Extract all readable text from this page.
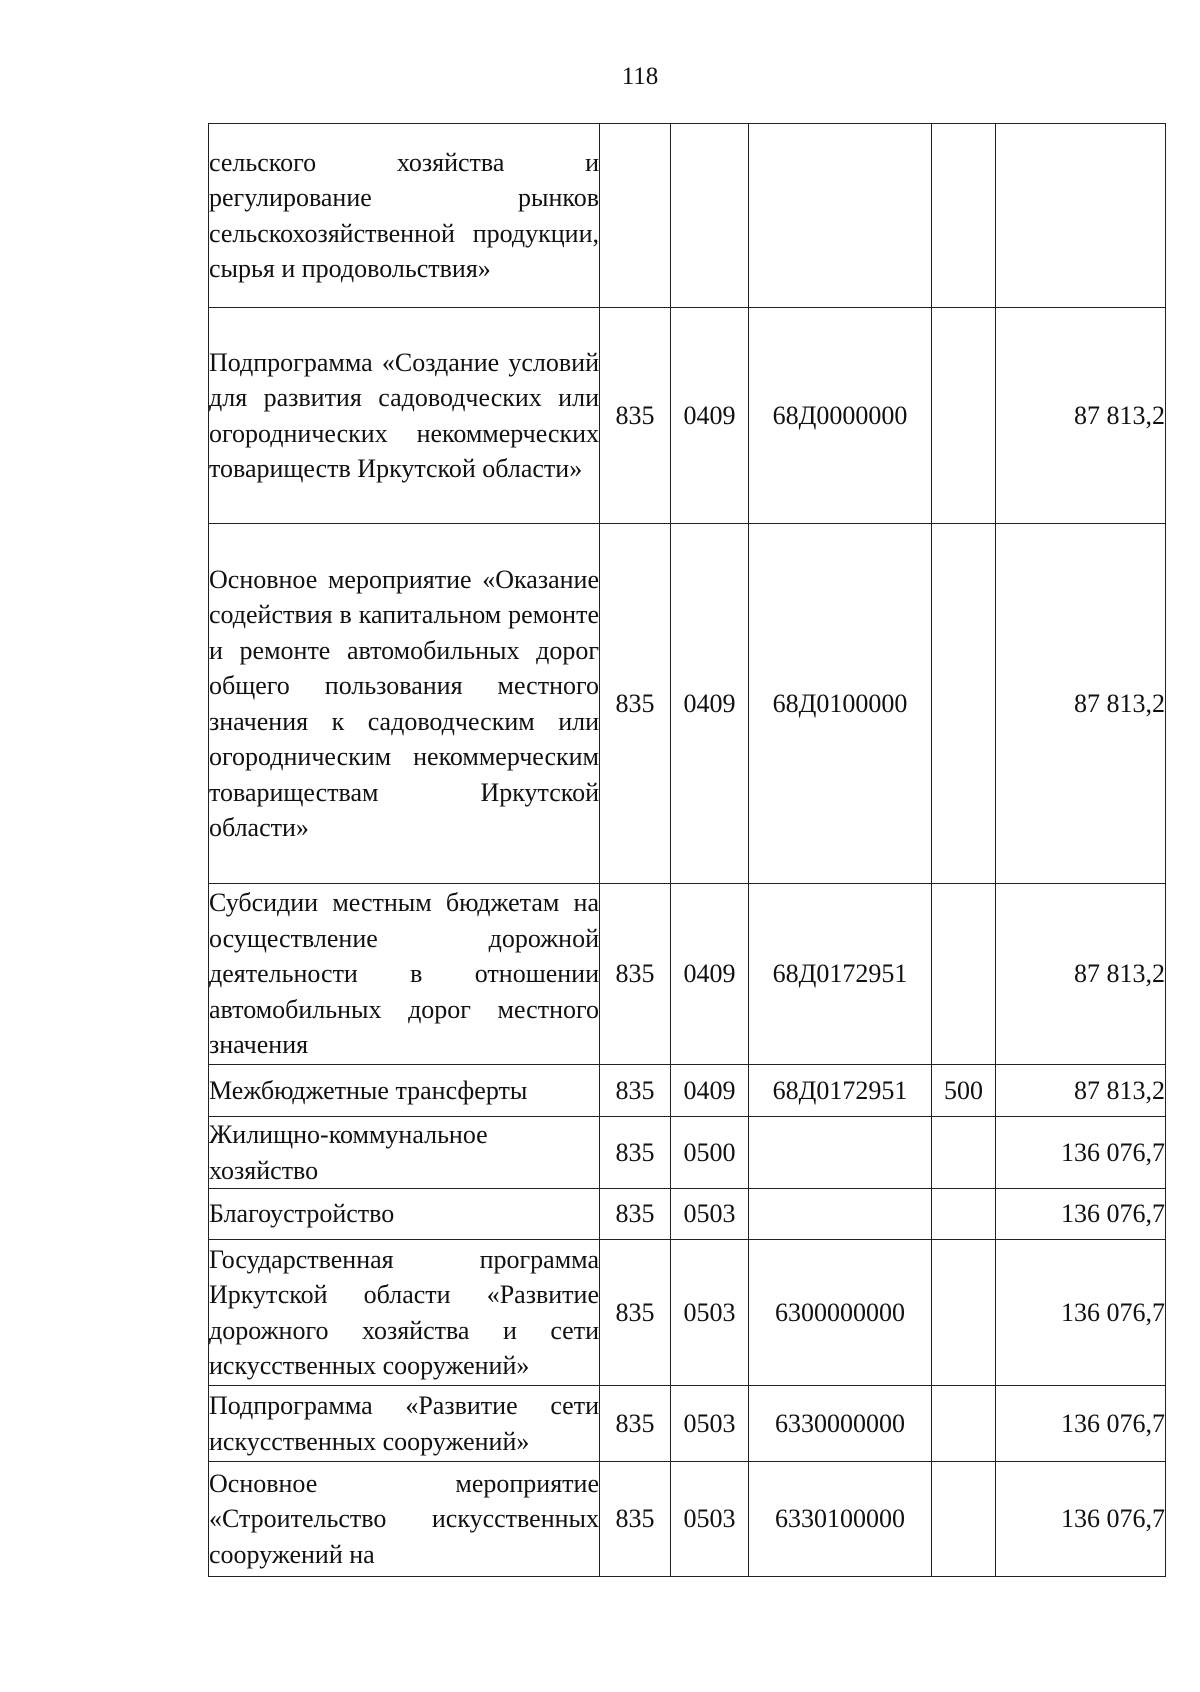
118
сельского хозяйства и регулирование рынков сельскохозяйственной продукции, сырья и продовольствия»					
Подпрограмма «Создание условий для развития садоводческих или огороднических некоммерческих товариществ Иркутской области»	835	0409	68Д0000000		87 813,2
Основное мероприятие «Оказание содействия в капитальном ремонте и ремонте автомобильных дорог общего пользования местного значения к садоводческим или огородническим некоммерческим товариществам Иркутской области»	835	0409	68Д0100000		87 813,2
Субсидии местным бюджетам на осуществление дорожной деятельности в отношении автомобильных дорог местного значения	835	0409	68Д0172951		87 813,2
Межбюджетные трансферты	835	0409	68Д0172951	500	87 813,2
Жилищно-коммунальное хозяйство	835	0500			136 076,7
Благоустройство	835	0503			136 076,7
Государственная программа Иркутской области «Развитие дорожного хозяйства и сети искусственных сооружений»	835	0503	6300000000		136 076,7
Подпрограмма «Развитие сети искусственных сооружений»	835	0503	6330000000		136 076,7
Основное мероприятие «Строительство искусственных сооружений на	835	0503	6330100000		136 076,7
